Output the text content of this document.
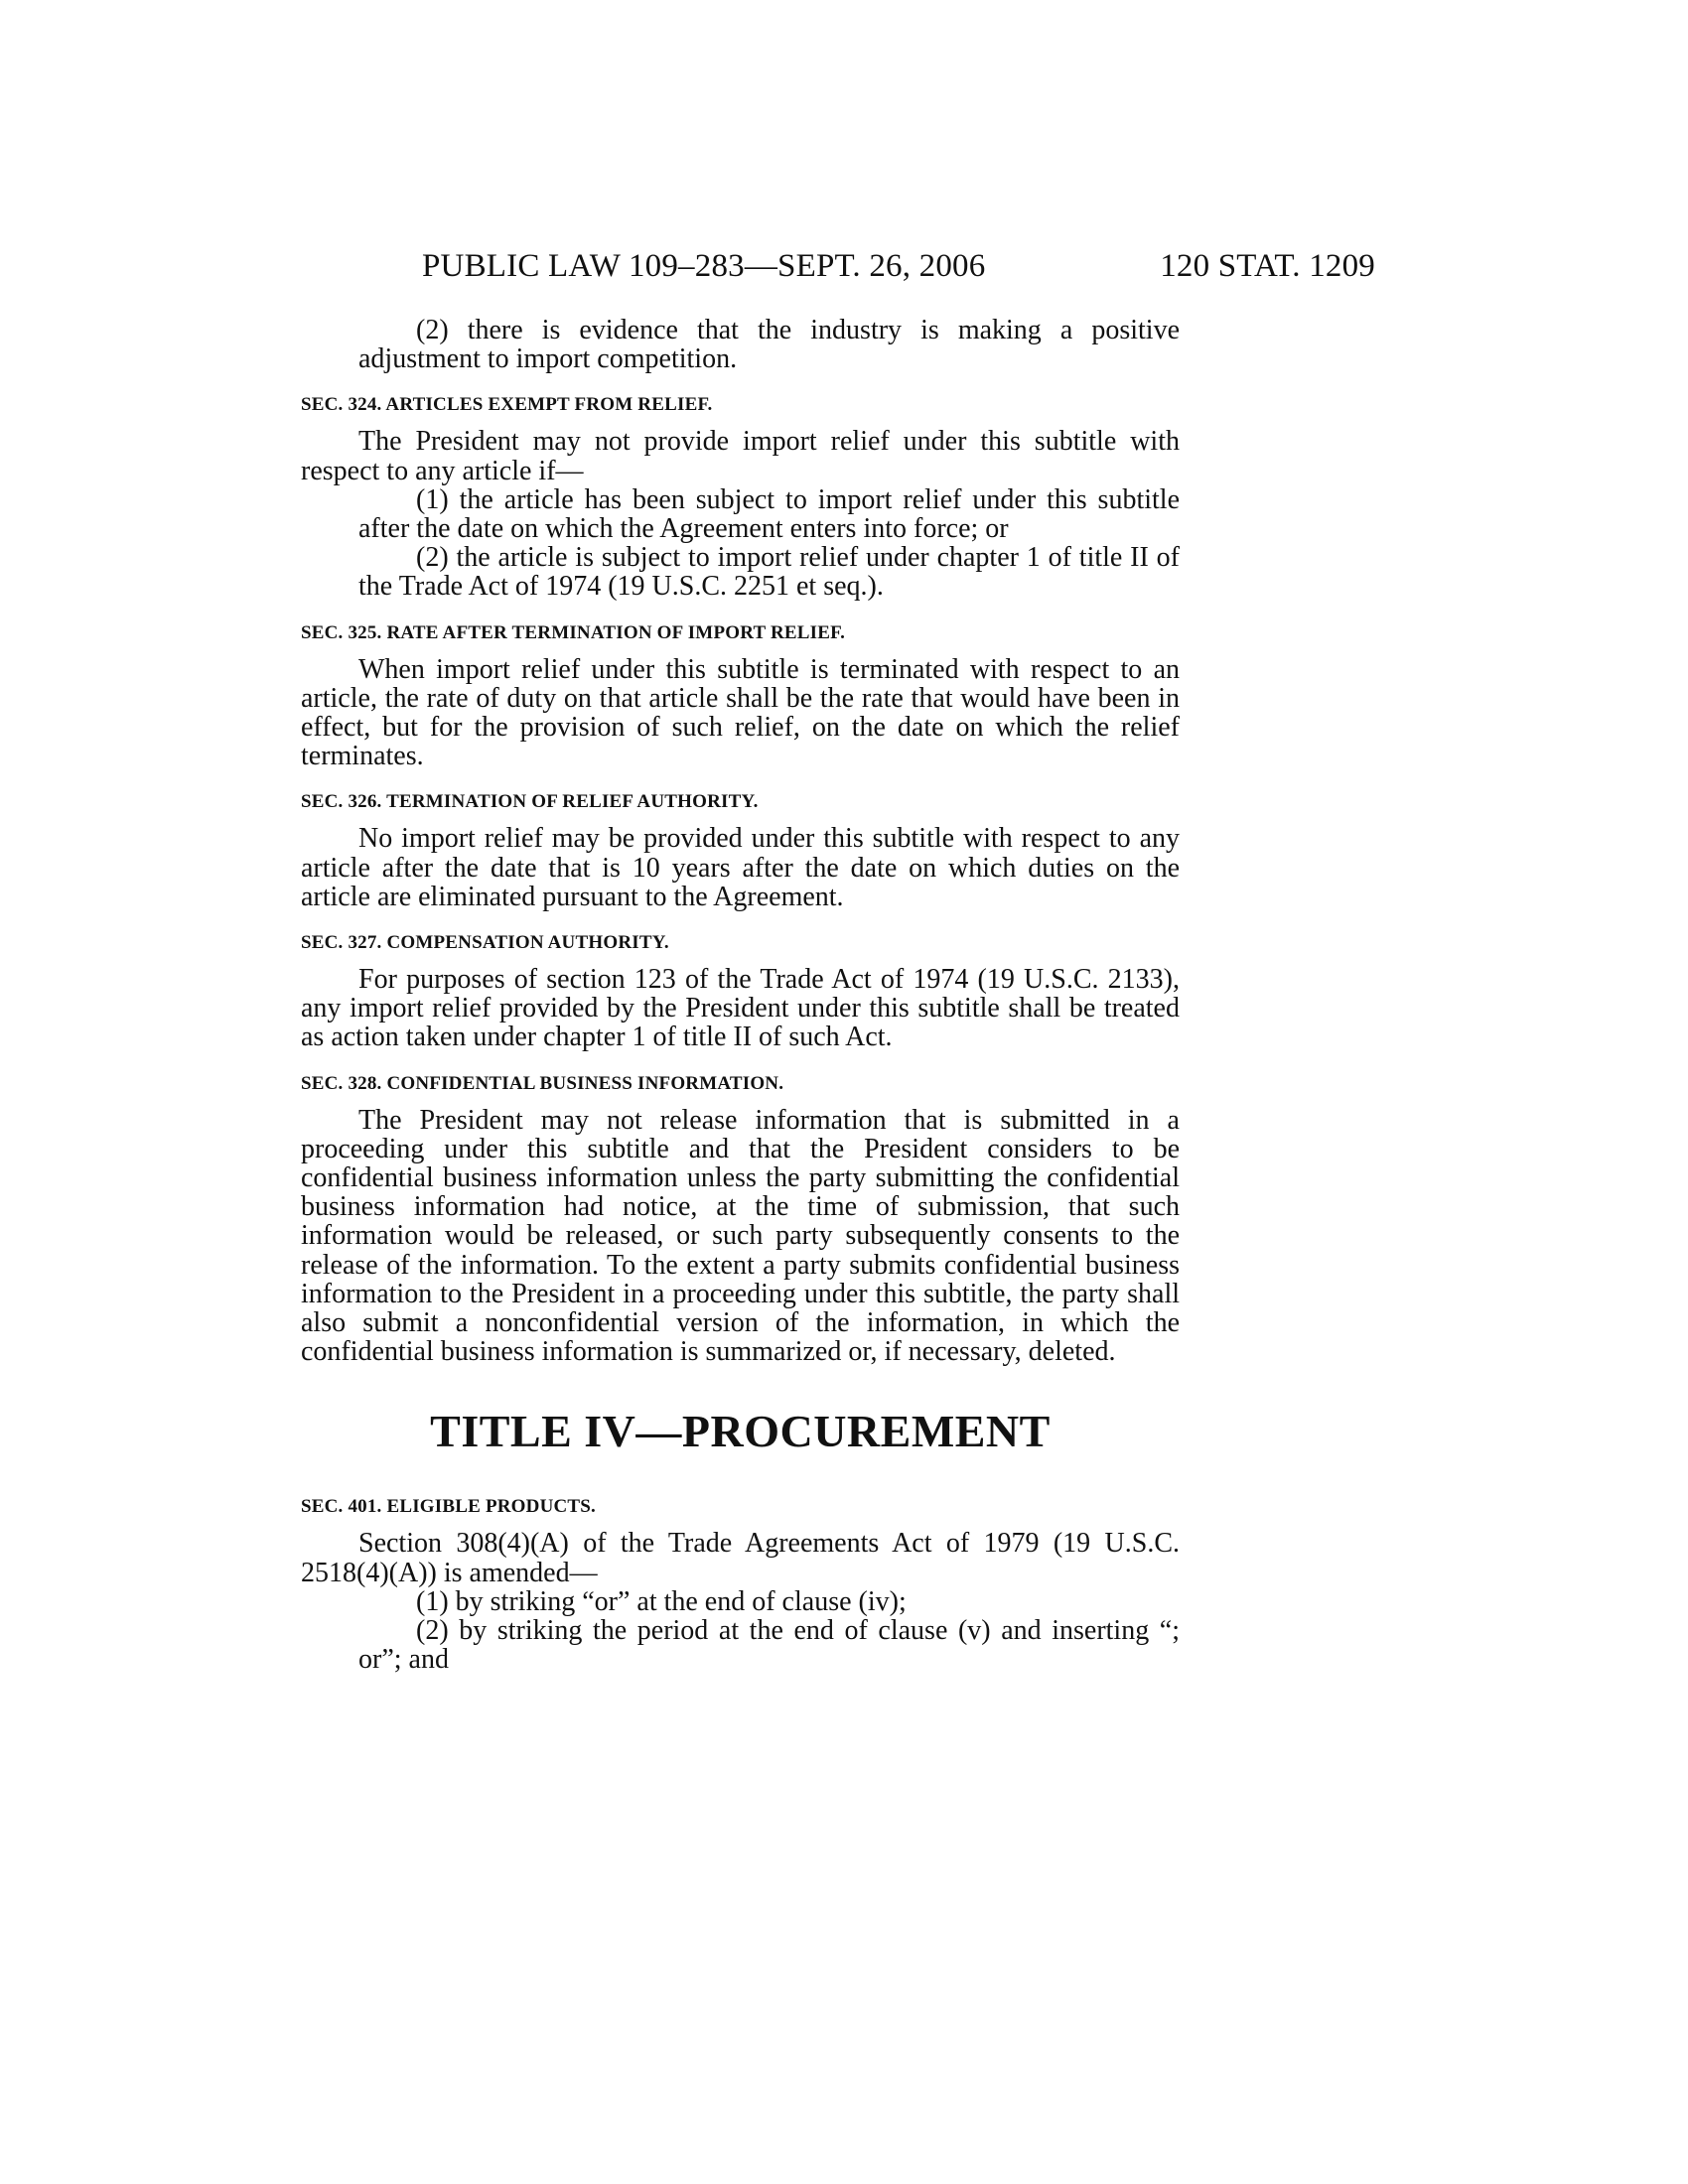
PUBLIC LAW 109–283—SEPT. 26, 2006	120 STAT. 1209

(2) there is evidence that the industry is making a positive adjustment to import competition.

SEC. 324. ARTICLES EXEMPT FROM RELIEF.

The President may not provide import relief under this subtitle with respect to any article if—

(1) the article has been subject to import relief under this subtitle after the date on which the Agreement enters into force; or

(2) the article is subject to import relief under chapter 1 of title II of the Trade Act of 1974 (19 U.S.C. 2251 et seq.).

SEC. 325. RATE AFTER TERMINATION OF IMPORT RELIEF.

When import relief under this subtitle is terminated with respect to an article, the rate of duty on that article shall be the rate that would have been in effect, but for the provision of such relief, on the date on which the relief terminates.

SEC. 326. TERMINATION OF RELIEF AUTHORITY.

No import relief may be provided under this subtitle with respect to any article after the date that is 10 years after the date on which duties on the article are eliminated pursuant to the Agreement.

SEC. 327. COMPENSATION AUTHORITY.

For purposes of section 123 of the Trade Act of 1974 (19 U.S.C. 2133), any import relief provided by the President under this subtitle shall be treated as action taken under chapter 1 of title II of such Act.

SEC. 328. CONFIDENTIAL BUSINESS INFORMATION.

The President may not release information that is submitted in a proceeding under this subtitle and that the President considers to be confidential business information unless the party submitting the confidential business information had notice, at the time of submission, that such information would be released, or such party subsequently consents to the release of the information. To the extent a party submits confidential business information to the President in a proceeding under this subtitle, the party shall also submit a nonconfidential version of the information, in which the confidential business information is summarized or, if necessary, deleted.

TITLE IV—PROCUREMENT
SEC. 401. ELIGIBLE PRODUCTS.

Section 308(4)(A) of the Trade Agreements Act of 1979 (19 U.S.C. 2518(4)(A)) is amended—

(1) by striking “or” at the end of clause (iv);

(2) by striking the period at the end of clause (v) and inserting “; or”; and
